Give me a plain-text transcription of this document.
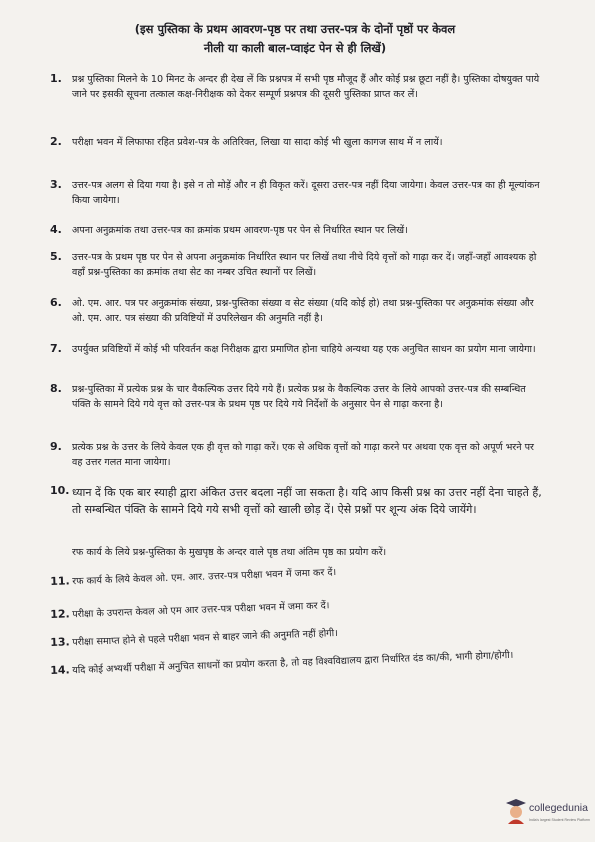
(इस पुस्तिका के प्रथम आवरण-पृष्ठ पर तथा उत्तर-पत्र के दोनों पृष्ठों पर केवल
नीली या काली बाल-प्वाइंट पेन से ही लिखें)
1.	प्रश्न पुस्तिका मिलने के 10 मिनट के अन्दर ही देख लें कि प्रश्नपत्र में सभी पृष्ठ मौजूद हैं और कोई प्रश्न छूटा नहीं है। पुस्तिका दोषयुक्त पाये जाने पर इसकी सूचना तत्काल कक्ष-निरीक्षक को देकर सम्पूर्ण प्रश्नपत्र की दूसरी पुस्तिका प्राप्त कर लें।
2.	परीक्षा भवन में लिफाफा रहित प्रवेश-पत्र के अतिरिक्त, लिखा या सादा कोई भी खुला कागज साथ में न लायें।
3.	उत्तर-पत्र अलग से दिया गया है। इसे न तो मोड़ें और न ही विकृत करें। दूसरा उत्तर-पत्र नहीं दिया जायेगा। केवल उत्तर-पत्र का ही मूल्यांकन किया जायेगा।
4.	अपना अनुक्रमांक तथा उत्तर-पत्र का क्रमांक प्रथम आवरण-पृष्ठ पर पेन से निर्धारित स्थान पर लिखें।
5.	उत्तर-पत्र के प्रथम पृष्ठ पर पेन से अपना अनुक्रमांक निर्धारित स्थान पर लिखें तथा नीचे दिये वृत्तों को गाढ़ा कर दें। जहाँ-जहाँ आवश्यक हो वहाँ प्रश्न-पुस्तिका का क्रमांक तथा सेट का नम्बर उचित स्थानों पर लिखें।
6.	ओ. एम. आर. पत्र पर अनुक्रमांक संख्या, प्रश्न-पुस्तिका संख्या व सेट संख्या (यदि कोई हो) तथा प्रश्न-पुस्तिका पर अनुक्रमांक संख्या और ओ. एम. आर. पत्र संख्या की प्रविष्टियों में उपरिलेखन की अनुमति नहीं है।
7.	उपर्युक्त प्रविष्टियों में कोई भी परिवर्तन कक्ष निरीक्षक द्वारा प्रमाणित होना चाहिये अन्यथा यह एक अनुचित साधन का प्रयोग माना जायेगा।
8.	प्रश्न-पुस्तिका में प्रत्येक प्रश्न के चार वैकल्पिक उत्तर दिये गये हैं। प्रत्येक प्रश्न के वैकल्पिक उत्तर के लिये आपको उत्तर-पत्र की सम्बन्धित पंक्ति के सामने दिये गये वृत्त को उत्तर-पत्र के प्रथम पृष्ठ पर दिये गये निर्देशों के अनुसार पेन से गाढ़ा करना है।
9.	प्रत्येक प्रश्न के उत्तर के लिये केवल एक ही वृत्त को गाढ़ा करें। एक से अधिक वृत्तों को गाढ़ा करने पर अथवा एक वृत्त को अपूर्ण भरने पर वह उत्तर गलत माना जायेगा।
10. ध्यान दें कि एक बार स्याही द्वारा अंकित उत्तर बदला नहीं जा सकता है। यदि आप किसी प्रश्न का उत्तर नहीं देना चाहते हैं, तो सम्बन्धित पंक्ति के सामने दिये गये सभी वृत्तों को खाली छोड़ दें। ऐसे प्रश्नों पर शून्य अंक दिये जायेंगे।
रफ कार्य के लिये प्रश्न-पुस्तिका के मुखपृष्ठ के अन्दर वाले पृष्ठ तथा अंतिम पृष्ठ का प्रयोग करें।
11. रफ कार्य के लिये केवल ओ. एम. आर. उत्तर-पत्र परीक्षा भवन में जमा कर दें।
12. परीक्षा के उपरान्त केवल ओ एम आर उत्तर-पत्र परीक्षा भवन में जमा कर दें।
13. परीक्षा समाप्त होने से पहले परीक्षा भवन से बाहर जाने की अनुमति नहीं होगी।
14. यदि कोई अभ्यर्थी परीक्षा में अनुचित साधनों का प्रयोग करता है, तो वह विश्वविद्यालय द्वारा निर्धारित दंड का/की, भागी होगा/होगी।
collegedunia
India's largest Student Review Platform
